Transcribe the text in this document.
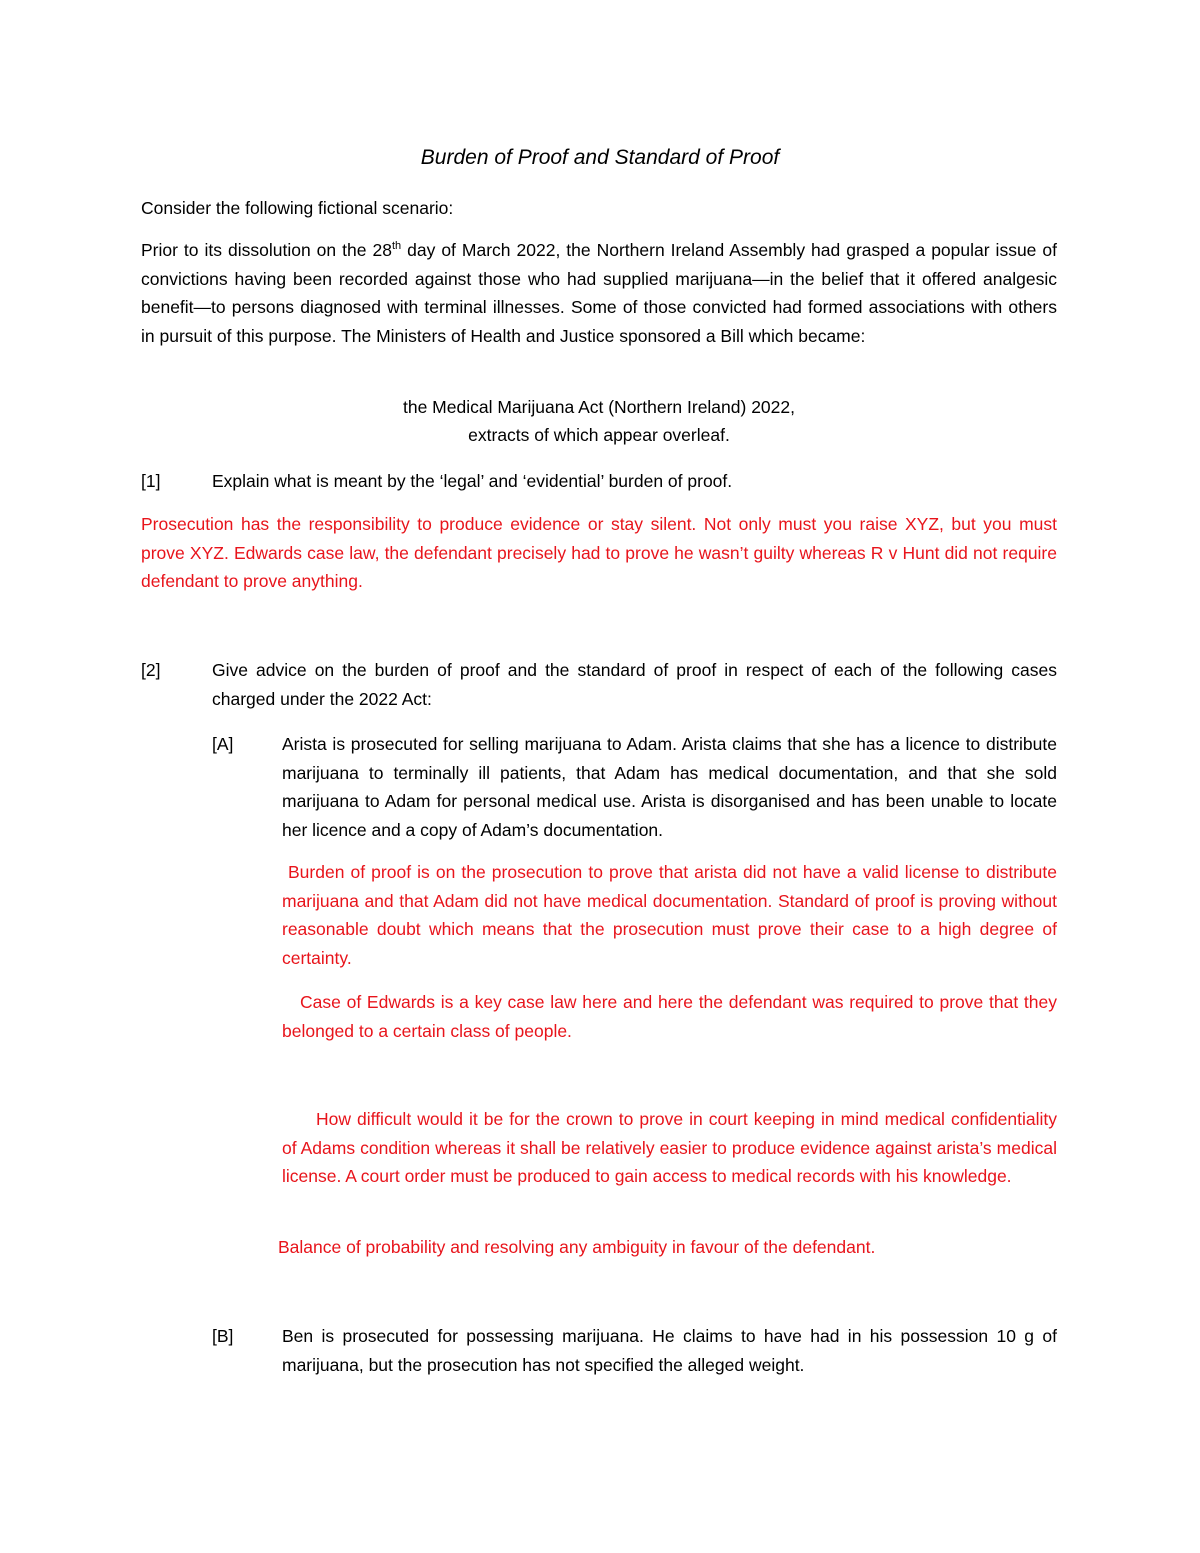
Burden of Proof and Standard of Proof
Consider the following fictional scenario:
Prior to its dissolution on the 28th day of March 2022, the Northern Ireland Assembly had grasped a popular issue of convictions having been recorded against those who had supplied marijuana—in the belief that it offered analgesic benefit—to persons diagnosed with terminal illnesses. Some of those convicted had formed associations with others in pursuit of this purpose. The Ministers of Health and Justice sponsored a Bill which became:
the Medical Marijuana Act (Northern Ireland) 2022,
extracts of which appear overleaf.
[1]	Explain what is meant by the ‘legal’ and ‘evidential’ burden of proof.
Prosecution has the responsibility to produce evidence or stay silent. Not only must you raise XYZ, but you must prove XYZ. Edwards case law, the defendant precisely had to prove he wasn’t guilty whereas R v Hunt did not require defendant to prove anything.
[2]	Give advice on the burden of proof and the standard of proof in respect of each of the following cases charged under the 2022 Act:
[A]	Arista is prosecuted for selling marijuana to Adam. Arista claims that she has a licence to distribute marijuana to terminally ill patients, that Adam has medical documentation, and that she sold marijuana to Adam for personal medical use. Arista is disorganised and has been unable to locate her licence and a copy of Adam’s documentation.
Burden of proof is on the prosecution to prove that arista did not have a valid license to distribute marijuana and that Adam did not have medical documentation. Standard of proof is proving without reasonable doubt which means that the prosecution must prove their case to a high degree of certainty.
Case of Edwards is a key case law here and here the defendant was required to prove that they belonged to a certain class of people.
How difficult would it be for the crown to prove in court keeping in mind medical confidentiality of Adams condition whereas it shall be relatively easier to produce evidence against arista’s medical license. A court order must be produced to gain access to medical records with his knowledge.
Balance of probability and resolving any ambiguity in favour of the defendant.
[B]	Ben is prosecuted for possessing marijuana. He claims to have had in his possession 10 g of marijuana, but the prosecution has not specified the alleged weight.
